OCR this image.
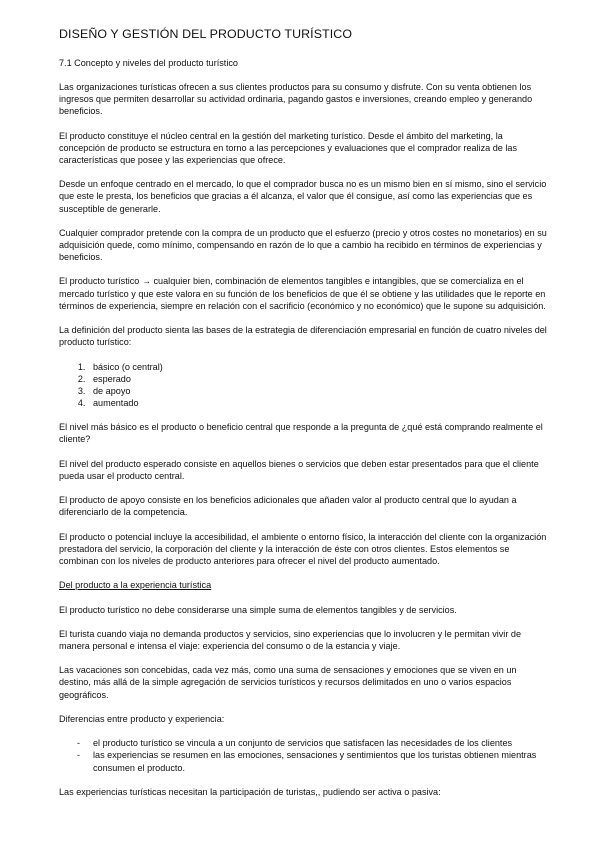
DISEÑO Y GESTIÓN DEL PRODUCTO TURÍSTICO
7.1 Concepto y niveles del producto turístico

Las organizaciones turísticas ofrecen a sus clientes productos para su consumo y disfrute. Con su venta obtienen los ingresos que permiten desarrollar su actividad ordinaria, pagando gastos e inversiones, creando empleo y generando beneficios.

El producto constituye el núcleo central en la gestión del marketing turístico. Desde el ámbito del marketing, la concepción de producto se estructura en torno a las percepciones y evaluaciones que el comprador realiza de las características que posee y las experiencias que ofrece.

Desde un enfoque centrado en el mercado, lo que el comprador busca no es un mismo bien en sí mismo, sino el servicio que este le presta, los beneficios que gracias a él alcanza, el valor que él consigue, así como las experiencias que es susceptible de generarle.

Cualquier comprador pretende con la compra de un producto que el esfuerzo (precio y otros costes no monetarios) en su adquisición quede, como mínimo, compensando en razón de lo que a cambio ha recibido en términos de experiencias y beneficios.

El producto turístico → cualquier bien, combinación de elementos tangibles e intangibles, que se comercializa en el mercado turístico y que este valora en su función de los beneficios de que él se obtiene y las utilidades que le reporte en términos de experiencia, siempre en relación con el sacrificio (económico y no económico) que le supone su adquisición.

La definición del producto sienta las bases de la estrategia de diferenciación empresarial en función de cuatro niveles del producto turístico:

1. básico (o central)
2. esperado
3. de apoyo
4. aumentado

El nivel más básico es el producto o beneficio central que responde a la pregunta de ¿qué está comprando realmente el cliente?

El nivel del producto esperado consiste en aquellos bienes o servicios que deben estar presentados para que el cliente pueda usar el producto central.

El producto de apoyo consiste en los beneficios adicionales que añaden valor al producto central que lo ayudan a diferenciarlo de la competencia.

El producto o potencial incluye la accesibilidad, el ambiente o entorno físico, la interacción del cliente con la organización prestadora del servicio, la corporación del cliente y la interacción de éste con otros clientes. Estos elementos se combinan con los niveles de producto anteriores para ofrecer el nivel del producto aumentado.

Del producto a la experiencia turística

El producto turístico no debe considerarse una simple suma de elementos tangibles y de servicios.

El turista cuando viaja no demanda productos y servicios, sino experiencias que lo involucren y le permitan vivir de manera personal e intensa el viaje: experiencia del consumo o de la estancia y viaje.

Las vacaciones son concebidas, cada vez más, como una suma de sensaciones y emociones que se viven en un destino, más allá de la simple agregación de servicios turísticos y recursos delimitados en uno o varios espacios geográficos.

Diferencias entre producto y experiencia:

- el producto turístico se vincula a un conjunto de servicios que satisfacen las necesidades de los clientes
- las experiencias se resumen en las emociones, sensaciones y sentimientos que los turistas obtienen mientras consumen el producto.

Las experiencias turísticas necesitan la participación de turistas,, pudiendo ser activa o pasiva:
